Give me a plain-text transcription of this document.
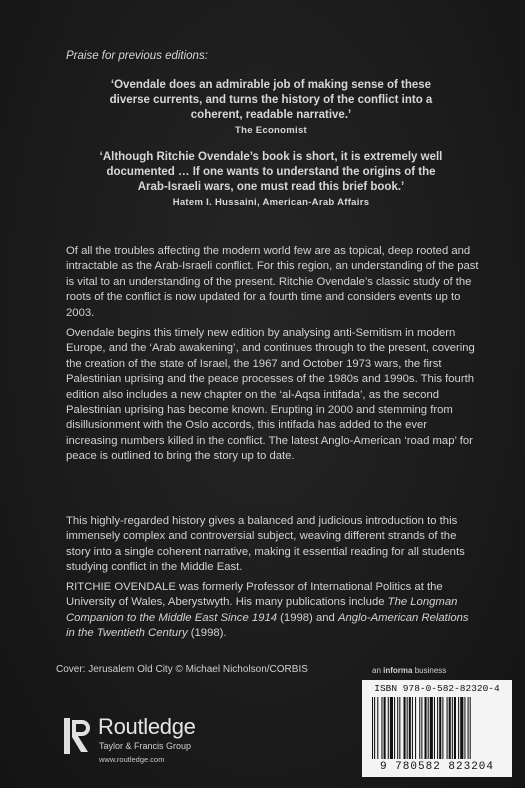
Praise for previous editions:
‘Ovendale does an admirable job of making sense of these diverse currents, and turns the history of the conflict into a coherent, readable narrative.’
The Economist
‘Although Ritchie Ovendale’s book is short, it is extremely well documented … If one wants to understand the origins of the Arab-Israeli wars, one must read this brief book.’
Hatem I. Hussaini, American-Arab Affairs
Of all the troubles affecting the modern world few are as topical, deep rooted and intractable as the Arab-Israeli conflict. For this region, an understanding of the past is vital to an understanding of the present. Ritchie Ovendale’s classic study of the roots of the conflict is now updated for a fourth time and considers events up to 2003.
Ovendale begins this timely new edition by analysing anti-Semitism in modern Europe, and the ‘Arab awakening’, and continues through to the present, covering the creation of the state of Israel, the 1967 and October 1973 wars, the first Palestinian uprising and the peace processes of the 1980s and 1990s. This fourth edition also includes a new chapter on the ‘al-Aqsa intifada’, as the second Palestinian uprising has become known. Erupting in 2000 and stemming from disillusionment with the Oslo accords, this intifada has added to the ever increasing numbers killed in the conflict. The latest Anglo-American ‘road map’ for peace is outlined to bring the story up to date.
This highly-regarded history gives a balanced and judicious introduction to this immensely complex and controversial subject, weaving different strands of the story into a single coherent narrative, making it essential reading for all students studying conflict in the Middle East.
RITCHIE OVENDALE was formerly Professor of International Politics at the University of Wales, Aberystwyth. His many publications include The Longman Companion to the Middle East Since 1914 (1998) and Anglo-American Relations in the Twentieth Century (1998).
Cover: Jerusalem Old City © Michael Nicholson/CORBIS	an informa business
ISBN 978-0-582-82320-4
9 780582 823204
Routledge
Taylor & Francis Group
www.routledge.com
